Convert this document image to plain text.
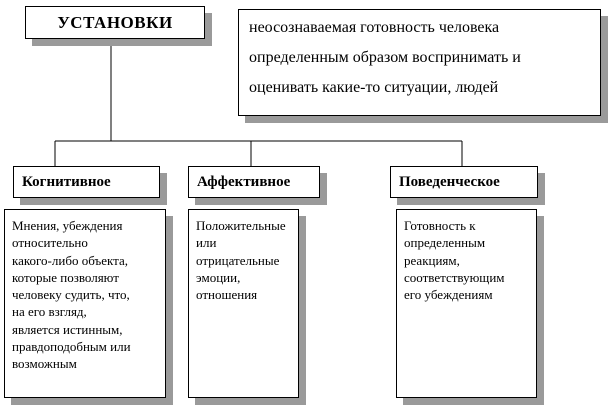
УСТАНОВКИ	неосознаваемая готовность человека
определенным образом воспринимать и
оценивать какие-то ситуации, людей
Когнитивное	Аффективное	Поведенческое
Мнения, убеждения
относительно
какого-либо объекта,
которые позволяют
человеку судить, что,
на его взгляд,
является истинным,
правдоподобным или
возможным
Положительные
или
отрицательные
эмоции,
отношения
Готовность к
определенным
реакциям,
соответствующим
его убеждениям
